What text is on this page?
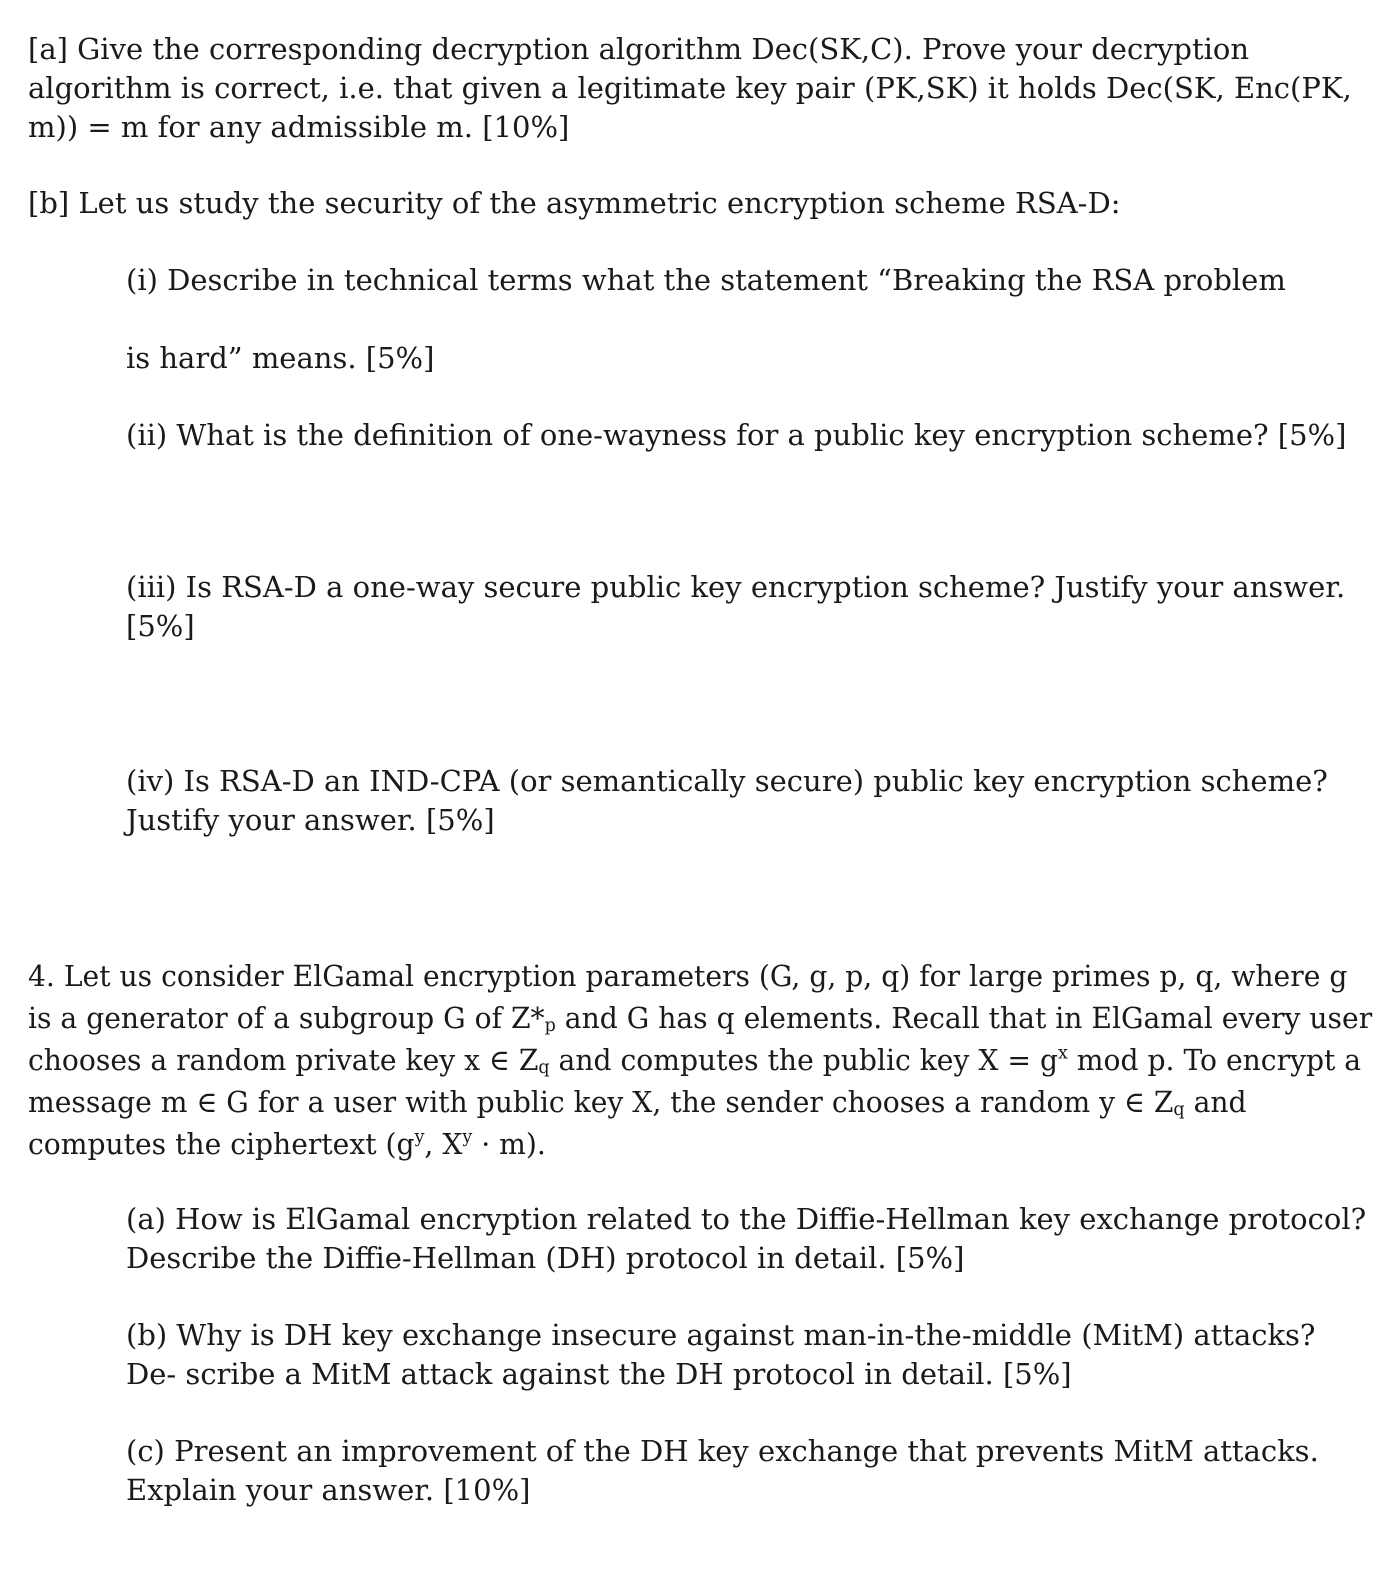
[a] Give the corresponding decryption algorithm Dec(SK,C). Prove your decryption
algorithm is correct, i.e. that given a legitimate key pair (PK,SK) it holds Dec(SK, Enc(PK,
m)) = m for any admissible m. [10%]
[b] Let us study the security of the asymmetric encryption scheme RSA-D:
(i) Describe in technical terms what the statement “Breaking the RSA problem
is hard” means. [5%]
(ii) What is the definition of one-wayness for a public key encryption scheme? [5%]
(iii) Is RSA-D a one-way secure public key encryption scheme? Justify your answer.
[5%]
(iv) Is RSA-D an IND-CPA (or semantically secure) public key encryption scheme?
Justify your answer. [5%]
4. Let us consider ElGamal encryption parameters (G, g, p, q) for large primes p, q, where g
is a generator of a subgroup G of $Z*_p$ and G has q elements. Recall that in ElGamal every user
chooses a random private key x ∈ $Z_q$ and computes the public key $X = g^x$ mod p. To encrypt a
message m ∈ G for a user with public key X, the sender chooses a random y ∈ $Z_q$ and
computes the ciphertext ($g^y$, $X^y \cdot m$).
(a) How is ElGamal encryption related to the Diffie-Hellman key exchange protocol?
Describe the Diffie-Hellman (DH) protocol in detail. [5%]
(b) Why is DH key exchange insecure against man-in-the-middle (MitM) attacks?
De- scribe a MitM attack against the DH protocol in detail. [5%]
(c) Present an improvement of the DH key exchange that prevents MitM attacks.
Explain your answer. [10%]
